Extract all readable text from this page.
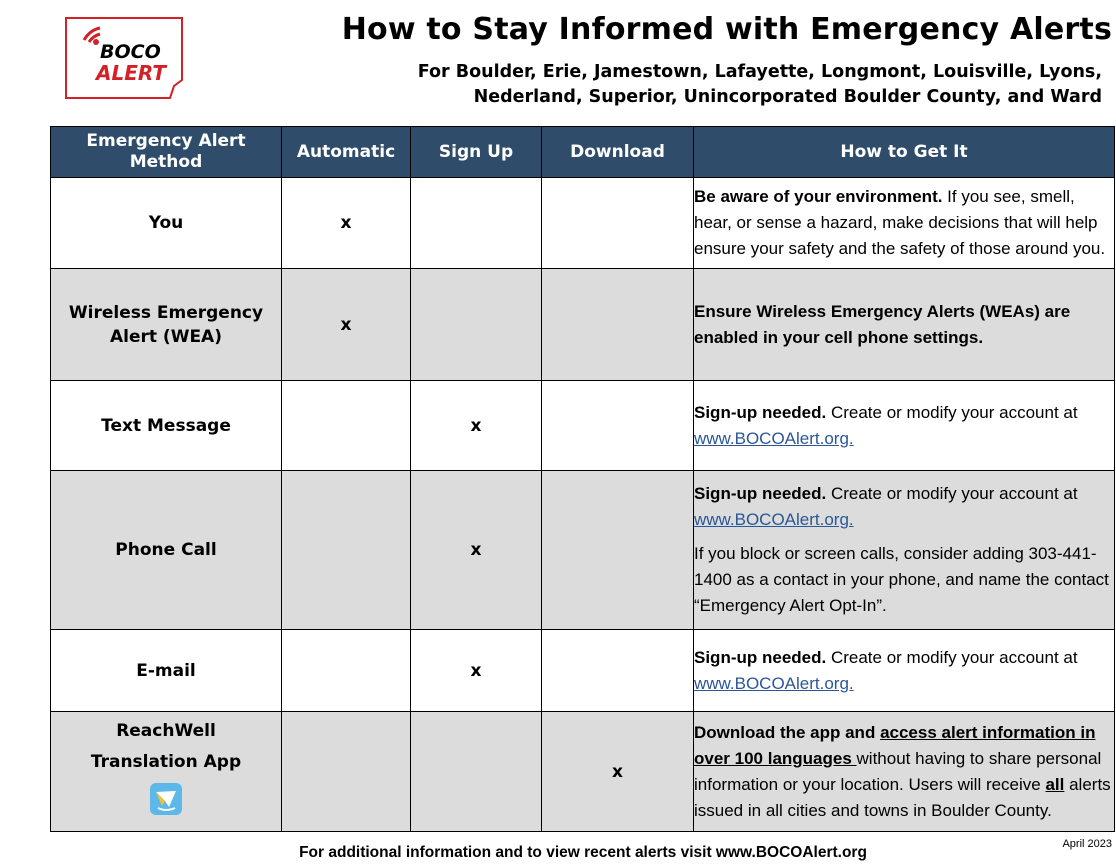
BOCO
ALERT
How to Stay Informed with Emergency Alerts
For Boulder, Erie, Jamestown, Lafayette, Longmont, Louisville, Lyons,
Nederland, Superior, Unincorporated Boulder County, and Ward
Emergency Alert Method	Automatic	Sign Up	Download	How to Get It
You	x			Be aware of your environment. If you see, smell, hear, or sense a hazard, make decisions that will help ensure your safety and the safety of those around you.

Wireless Emergency Alert (WEA)	x			Ensure Wireless Emergency Alerts (WEAs) are enabled in your cell phone settings.

Text Message		x		Sign-up needed. Create or modify your account at www.BOCOAlert.org.

Phone Call		x		Sign-up needed. Create or modify your account at www.BOCOAlert.org.

If you block or screen calls, consider adding 303-441-1400 as a contact in your phone, and name the contact “Emergency Alert Opt-In”.

E-mail		x		Sign-up needed. Create or modify your account at www.BOCOAlert.org.

ReachWell
Translation App			x	Download the app and access alert information in over 100 languages without having to share personal information or your location. Users will receive all alerts issued in all cities and towns in Boulder County.

April 2023
For additional information and to view recent alerts visit www.BOCOAlert.org
